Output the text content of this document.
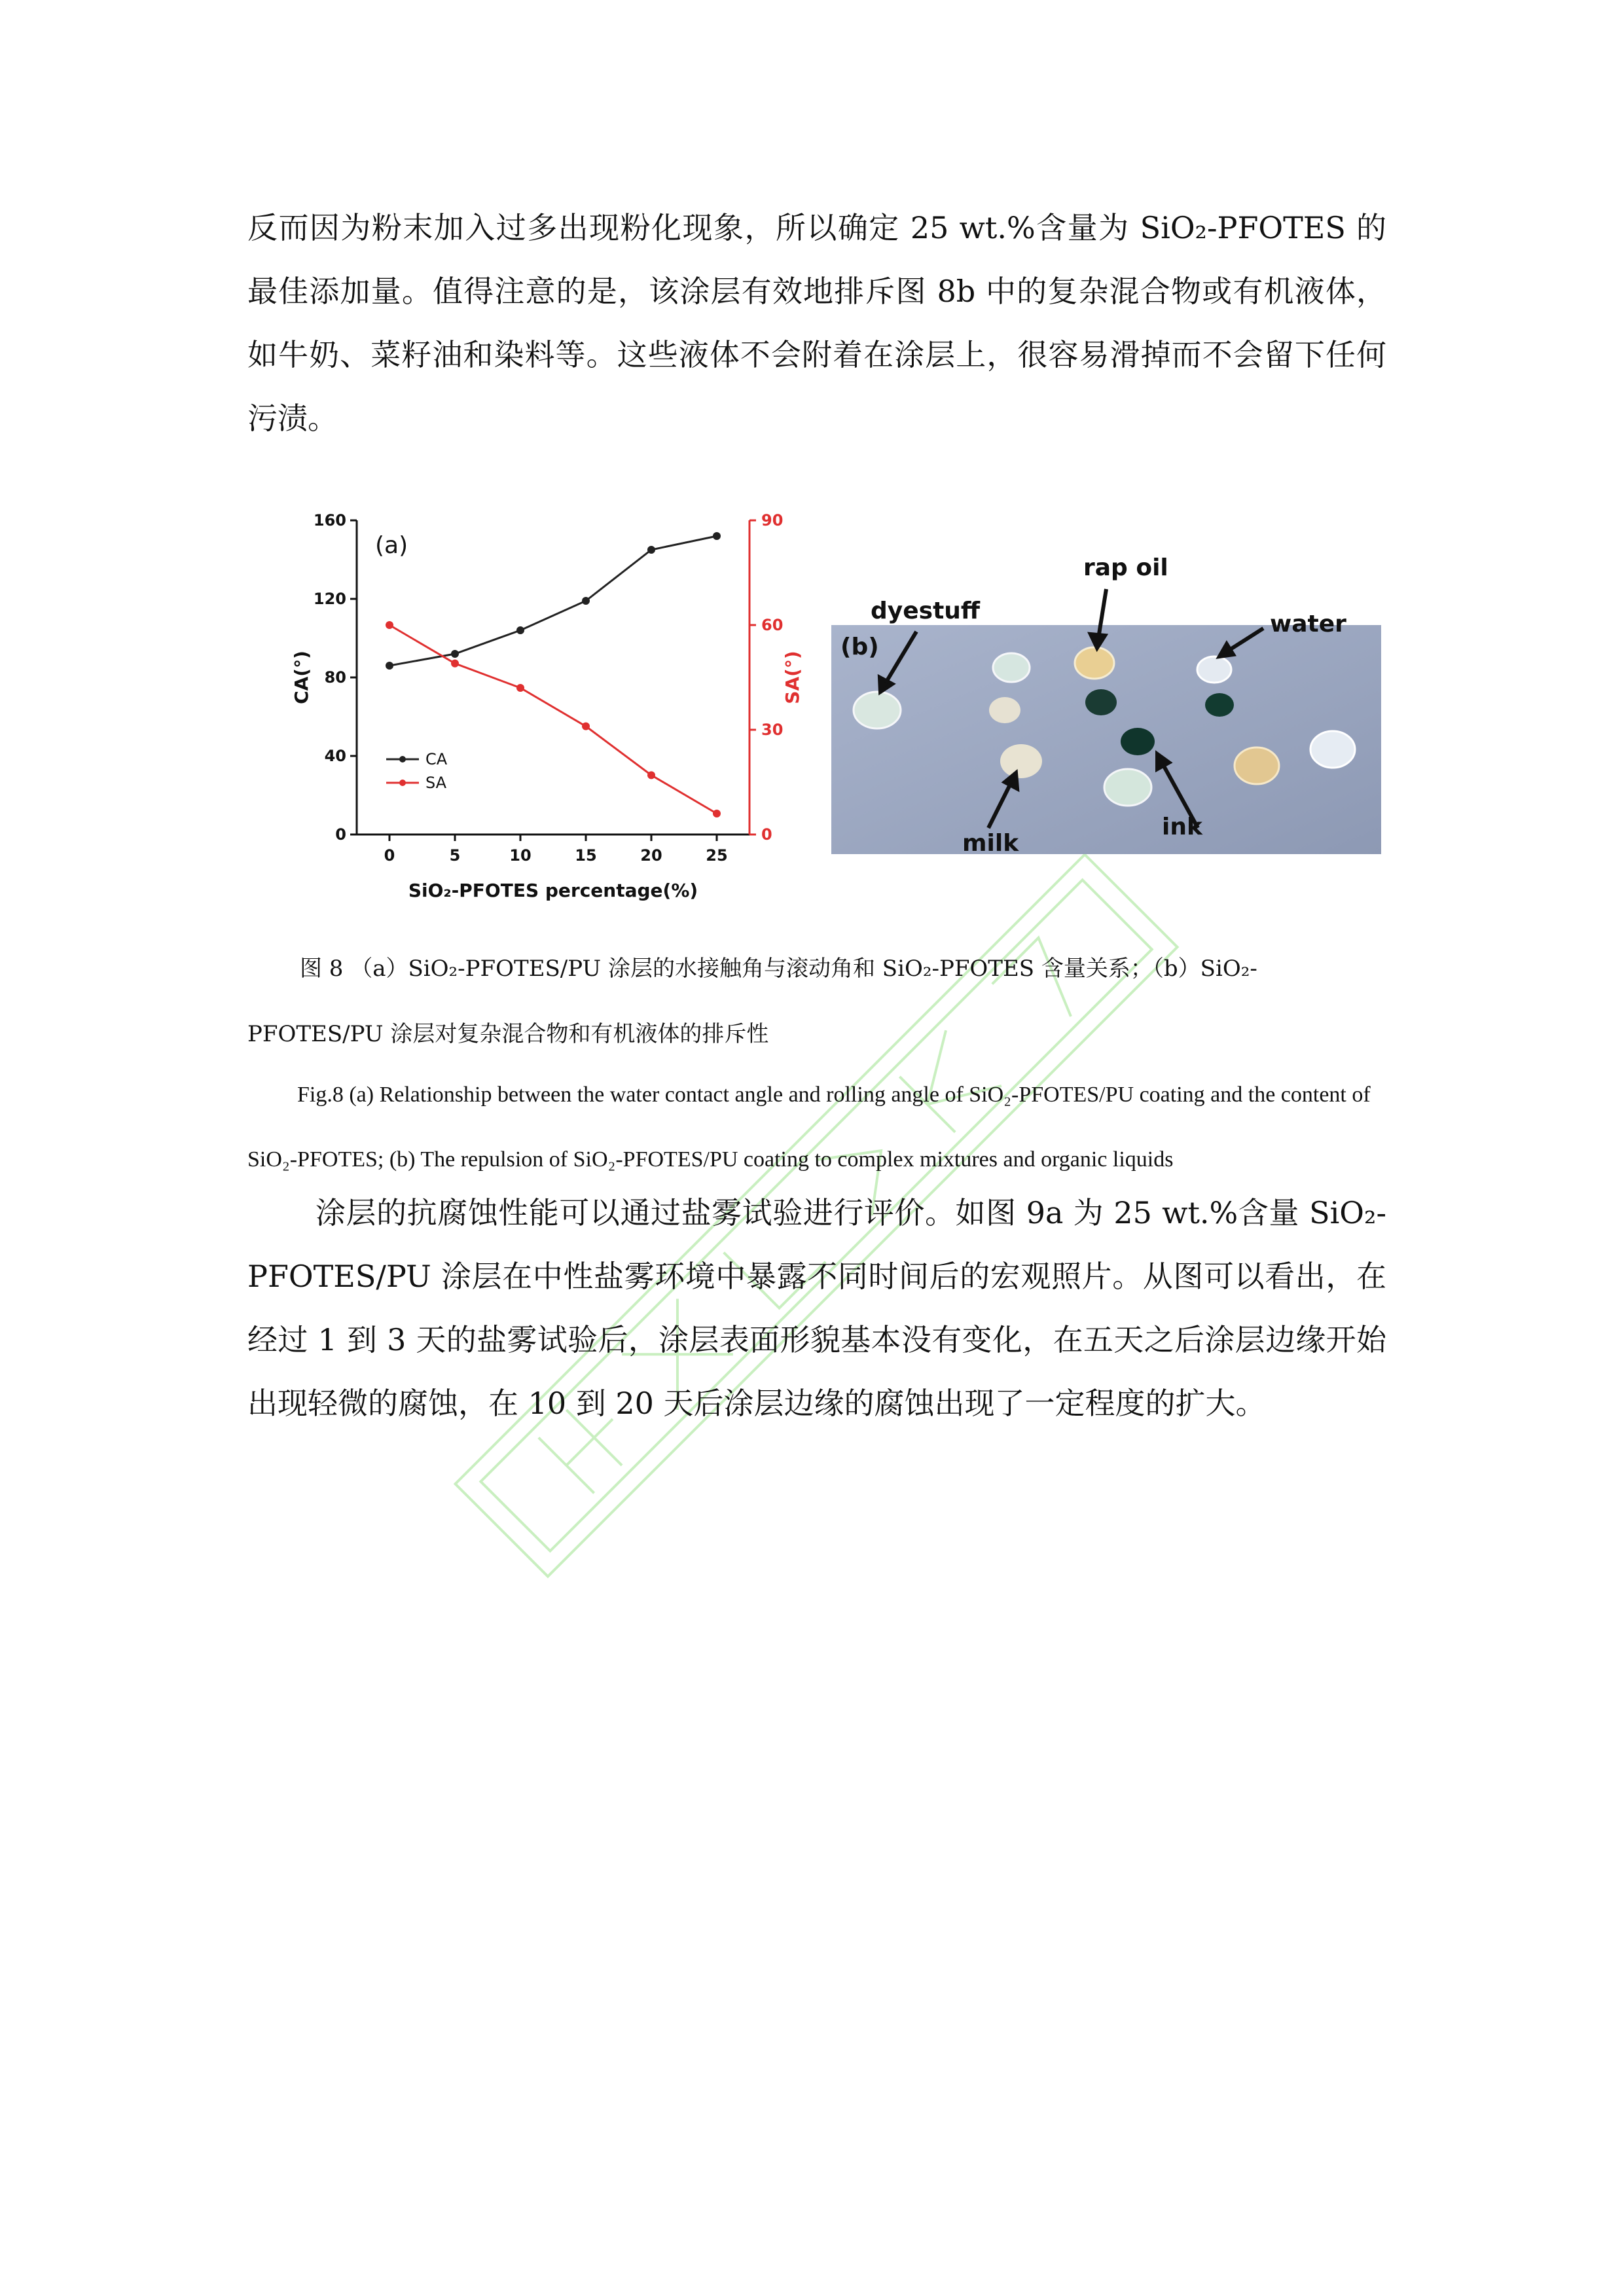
反而因为粉末加入过多出现粉化现象，所以确定 25 wt.%含量为 SiO₂-PFOTES 的最佳添加量。值得注意的是，该涂层有效地排斥图 8b 中的复杂混合物或有机液体，如牛奶、菜籽油和染料等。这些液体不会附着在涂层上，很容易滑掉而不会留下任何污渍。

0	5	10	15	20	25
0
40
80
120
160
0
30
60
90
SiO₂-PFOTES percentage(%)
CA(°)	SA(°)
(a)
CA
SA
(b)
dyestuff
rap oil
water
ink
milk

图 8 （a）SiO₂-PFOTES/PU 涂层的水接触角与滚动角和 SiO₂-PFOTES 含量关系；（b）SiO₂-PFOTES/PU 涂层对复杂混合物和有机液体的排斥性

Fig.8 (a) Relationship between the water contact angle and rolling angle of SiO₂-PFOTES/PU coating and the content of SiO₂-PFOTES; (b) The repulsion of SiO₂-PFOTES/PU coating to complex mixtures and organic liquids

涂层的抗腐蚀性能可以通过盐雾试验进行评价。如图 9a 为 25 wt.%含量 SiO₂-PFOTES/PU 涂层在中性盐雾环境中暴露不同时间后的宏观照片。从图可以看出，在经过 1 到 3 天的盐雾试验后，涂层表面形貌基本没有变化，在五天之后涂层边缘开始出现轻微的腐蚀，在 10 到 20 天后涂层边缘的腐蚀出现了一定程度的扩大。
